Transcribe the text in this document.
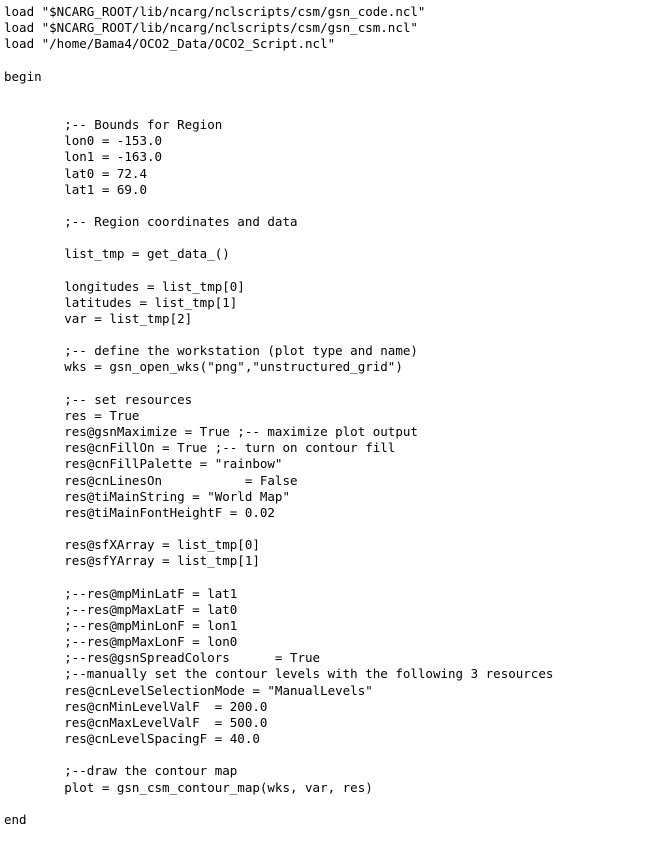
load "$NCARG_ROOT/lib/ncarg/nclscripts/csm/gsn_code.ncl"
load "$NCARG_ROOT/lib/ncarg/nclscripts/csm/gsn_csm.ncl"
load "/home/Bama4/OCO2_Data/OCO2_Script.ncl"

begin

;-- Bounds for Region
lon0 = -153.0
lon1 = -163.0
lat0 = 72.4
lat1 = 69.0

;-- Region coordinates and data

list_tmp = get_data_()

longitudes = list_tmp[0]
latitudes = list_tmp[1]
var = list_tmp[2]

;-- define the workstation (plot type and name)
wks = gsn_open_wks("png","unstructured_grid")

;-- set resources
res = True
res@gsnMaximize = True ;-- maximize plot output
res@cnFillOn = True ;-- turn on contour fill
res@cnFillPalette = "rainbow"
res@cnLinesOn           = False
res@tiMainString = "World Map"
res@tiMainFontHeightF = 0.02

res@sfXArray = list_tmp[0]
res@sfYArray = list_tmp[1]

;--res@mpMinLatF = lat1
;--res@mpMaxLatF = lat0
;--res@mpMinLonF = lon1
;--res@mpMaxLonF = lon0
;--res@gsnSpreadColors      = True
;--manually set the contour levels with the following 3 resources
res@cnLevelSelectionMode = "ManualLevels"
res@cnMinLevelValF  = 200.0
res@cnMaxLevelValF  = 500.0
res@cnLevelSpacingF = 40.0

;--draw the contour map
plot = gsn_csm_contour_map(wks, var, res)

end
